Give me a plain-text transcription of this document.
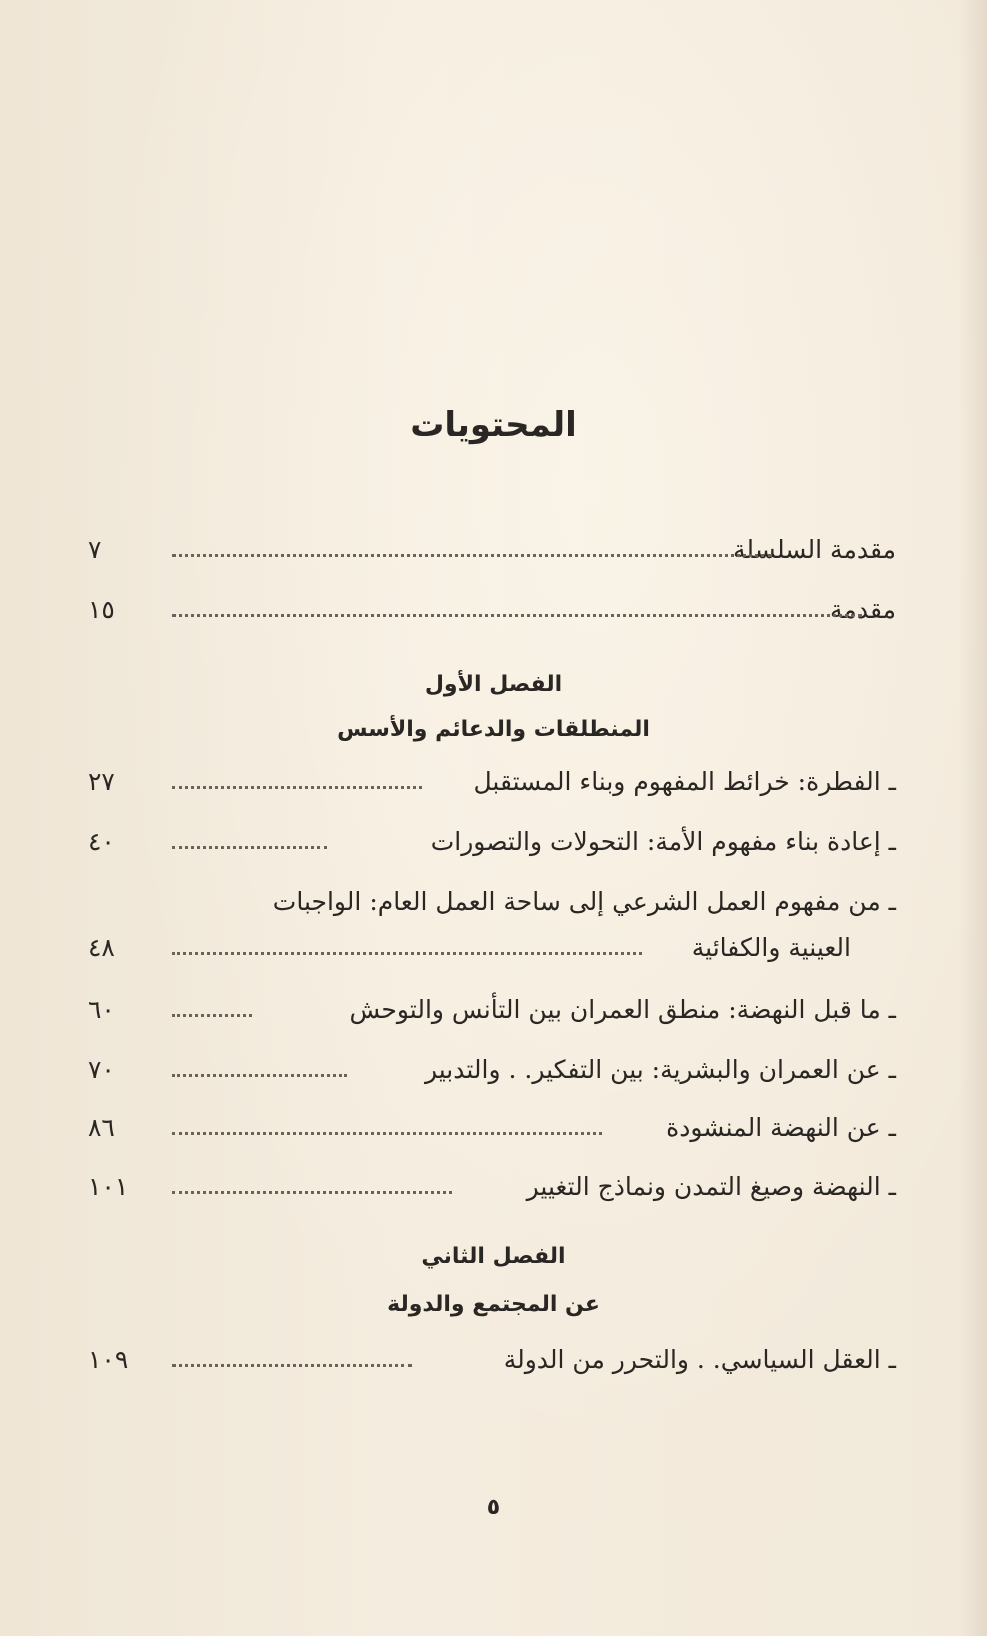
المحتويات
مقدمة السلسلة
٧
مقدمة
١٥
الفصل الأول
المنطلقات والدعائم والأسس
ـ الفطرة: خرائط المفهوم وبناء المستقبل
٢٧
ـ إعادة بناء مفهوم الأمة: التحولات والتصورات
٤٠
ـ من مفهوم العمل الشرعي إلى ساحة العمل العام: الواجبات
العينية والكفائية
٤٨
ـ ما قبل النهضة: منطق العمران بين التأنس والتوحش
٦٠
ـ عن العمران والبشرية: بين التفكير. . والتدبير
٧٠
ـ عن النهضة المنشودة
٨٦
ـ النهضة وصيغ التمدن ونماذج التغيير
١٠١
الفصل الثاني
عن المجتمع والدولة
ـ العقل السياسي. . والتحرر من الدولة
١٠٩
٥
